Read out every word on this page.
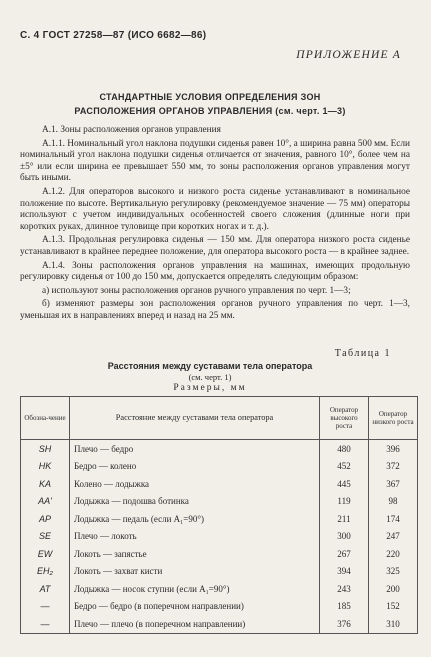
С. 4 ГОСТ 27258—87 (ИСО 6682—86)
ПРИЛОЖЕНИЕ А
СТАНДАРТНЫЕ УСЛОВИЯ ОПРЕДЕЛЕНИЯ ЗОН
РАСПОЛОЖЕНИЯ ОРГАНОВ УПРАВЛЕНИЯ (см. черт. 1—3)

А.1. Зоны расположения органов управления

А.1.1. Номинальный угол наклона подушки сиденья равен 10°, а ширина равна 500 мм. Если номинальный угол наклона подушки сиденья отличается от значения, равного 10°, более чем на ±5° или если ширина ее превышает 550 мм, то зоны расположения органов управления могут быть иными.

А.1.2. Для операторов высокого и низкого роста сиденье устанавливают в номинальное положение по высоте. Вертикальную регулировку (рекомендуемое значение — 75 мм) операторы используют с учетом индивидуальных особенностей своего сложения (длинные ноги при коротких руках, длинное туловище при коротких ногах и т. д.).

А.1.3. Продольная регулировка сиденья — 150 мм. Для оператора низкого роста сиденье устанавливают в крайнее переднее положение, для оператора высокого роста — в крайнее заднее.

А.1.4. Зоны расположения органов управления на машинах, имеющих продольную регулировку сиденья от 100 до 150 мм, допускается определять следующим образом:

а) используют зоны расположения органов ручного управления по черт. 1—3;

б) изменяют размеры зон расположения органов ручного управления по черт. 1—3, уменьшая их в направлениях вперед и назад на 25 мм.

Таблица 1
Расстояния между суставами тела оператора
(см. черт. 1)
Размеры, мм
Обозна-чение	Расстояние между суставами тела оператора	Оператор высокого роста	Оператор низкого роста
SH	Плечо — бедро	480	396
HK	Бедро — колено	452	372
KA	Колено — лодыжка	445	367
AA'	Лодыжка — подошва ботинка	119	98
AP	Лодыжка — педаль (если A₁=90°)	211	174
SE	Плечо — локоть	300	247
EW	Локоть — запястье	267	220
EH₂	Локоть — захват кисти	394	325
AT	Лодыжка — носок ступни (если A₁=90°)	243	200
—	Бедро — бедро (в поперечном направлении)	185	152
—	Плечо — плечо (в поперечном направлении)	376	310
